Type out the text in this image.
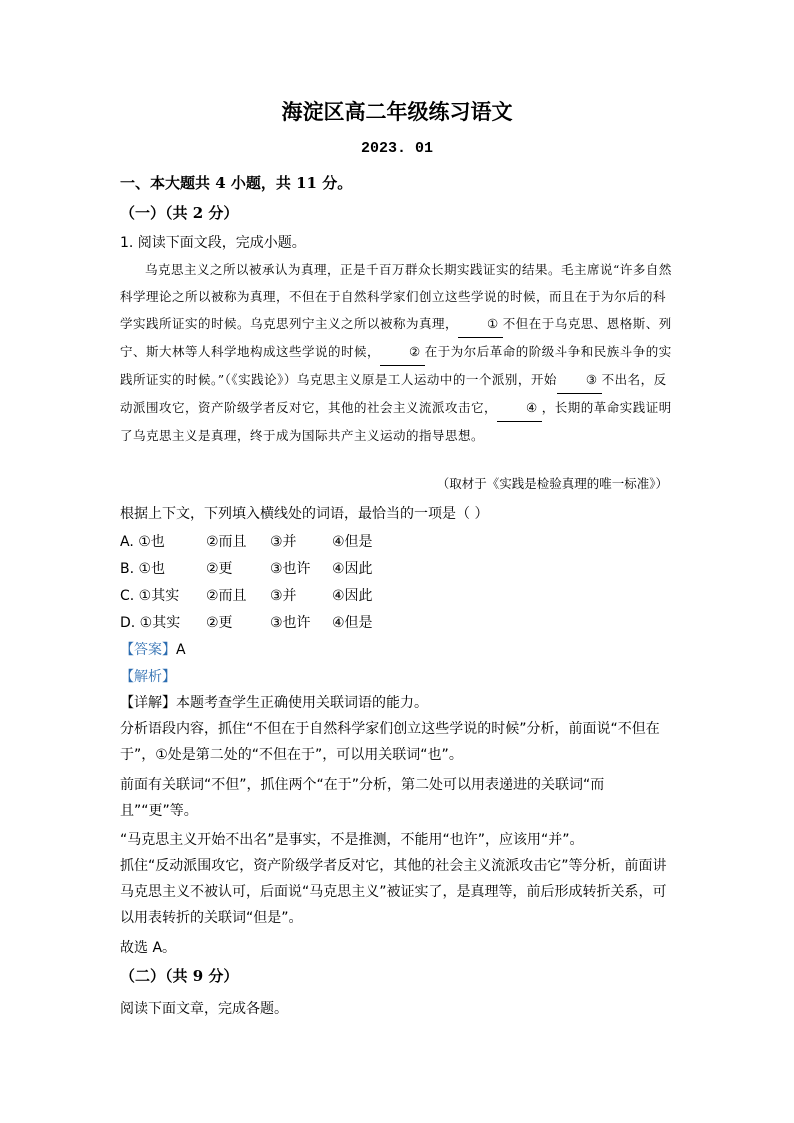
海淀区高二年级练习语文
2023. 01
一、本大题共 4 小题，共 11 分。
（一）（共 2 分）
1. 阅读下面文段，完成小题。

乌克思主义之所以被承认为真理，正是千百万群众长期实践证实的结果。毛主席说“许多自然科学理论之所以被称为真理，不但在于自然科学家们创立这些学说的时候，而且在于为尔后的科学实践所证实的时候。乌克思列宁主义之所以被称为真理， ① 不但在于乌克思、恩格斯、列宁、斯大林等人科学地构成这些学说的时候， ② 在于为尔后革命的阶级斗争和民族斗争的实践所证实的时候。”（《实践论》）乌克思主义原是工人运动中的一个派别，开始 ③ 不出名，反动派围攻它，资产阶级学者反对它，其他的社会主义流派攻击它， ④ ，长期的革命实践证明了乌克思主义是真理，终于成为国际共产主义运动的指导思想。

（取材于《实践是检验真理的唯一标准》）
根据上下文，下列填入横线处的词语，最恰当的一项是（ ）
A. ①也	②而且 ③并	④但是
B. ①也	②更	③也许 ④因此
C. ①其实 ②而且 ③并	④因此
D. ①其实 ②更	③也许 ④但是
【答案】A
【解析】
【详解】本题考查学生正确使用关联词语的能力。
分析语段内容，抓住“不但在于自然科学家们创立这些学说的时候”分析，前面说“不但在于”，①处是第二处的“不但在于”，可以用关联词“也”。
前面有关联词“不但”，抓住两个“在于”分析，第二处可以用表递进的关联词“而且”“更”等。
“马克思主义开始不出名”是事实，不是推测，不能用“也许”，应该用“并”。
抓住“反动派围攻它，资产阶级学者反对它，其他的社会主义流派攻击它”等分析，前面讲马克思主义不被认可，后面说“马克思主义”被证实了，是真理等，前后形成转折关系，可以用表转折的关联词“但是”。
故选 A。
（二）（共 9 分）
阅读下面文章，完成各题。
